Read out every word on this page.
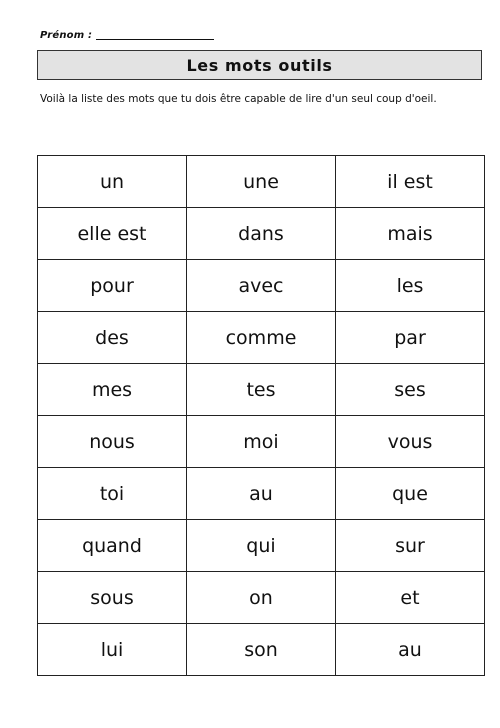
Prénom :
Les mots outils
Voilà la liste des mots que tu dois être capable de lire d'un seul coup d'oeil.
un	une	il est
elle est	dans	mais
pour	avec	les
des	comme	par
mes	tes	ses
nous	moi	vous
toi	au	que
quand	qui	sur
sous	on	et
lui	son	au
